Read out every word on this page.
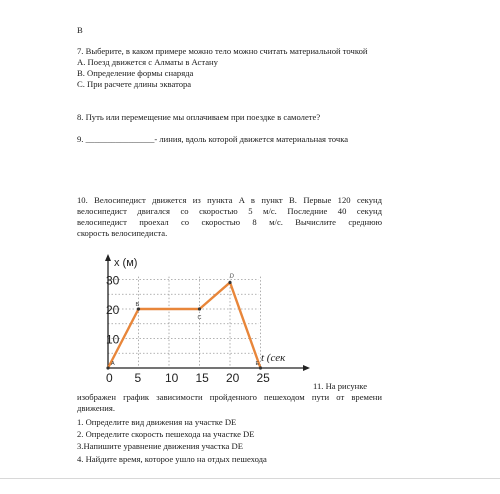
B
7. Выберите, в каком примере можно тело можно считать материальной точкой
A. Поезд движется с Алматы в Астану
B. Определение формы снаряда
C. При расчете длины экватора
8. Путь или перемещение мы оплачиваем при поездке в самолете?
9. ________________- линия, вдоль которой движется материальная точка
10. Велосипедист движется из пункта A в пункт B. Первые 120 секунд
велосипедист двигался со скоростью 5 м/с. Последние 40 секунд
велосипедист проехал со скоростью 8 м/с. Вычислите среднюю
скорость велосипедиста.
0 5 10 15 20 25
10
20
30
x (м)
t (сек
A
B
C
D
E
11. На рисунке
изображен график зависимости пройденного пешеходом пути от времени
движения.
1. Определите вид движения на участке DE
2. Определите скорость пешехода на участке DE
3.Напишите уравнение движения участка DE
4. Найдите время, которое ушло на отдых пешехода
